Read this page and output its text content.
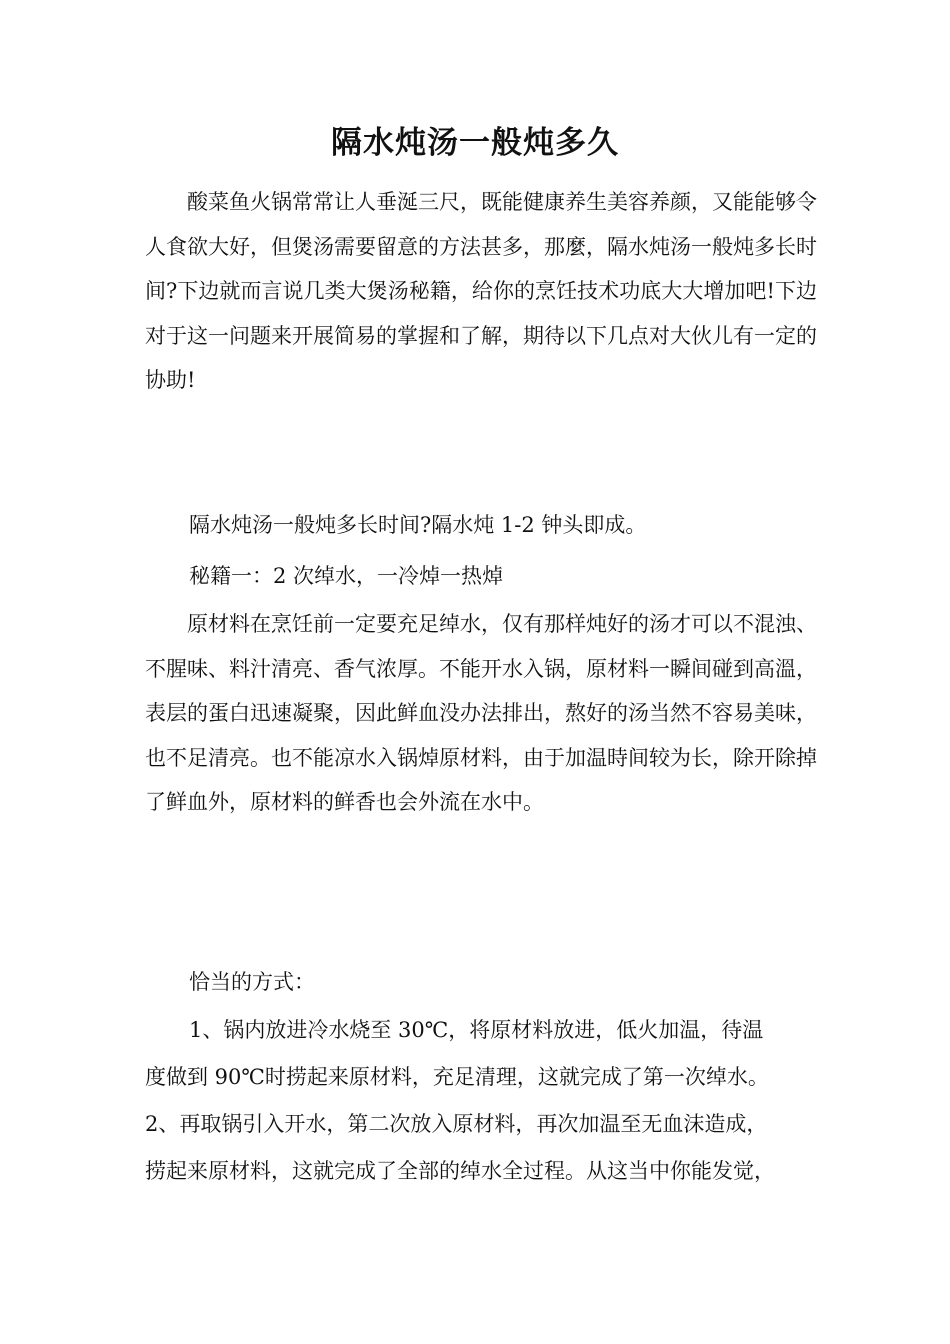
隔水炖汤一般炖多久

酸菜鱼火锅常常让人垂涎三尺，既能健康养生美容养颜，又能能够令人食欲大好，但煲汤需要留意的方法甚多，那麼，隔水炖汤一般炖多长时间?下边就而言说几类大煲汤秘籍，给你的烹饪技术功底大大增加吧!下边对于这一问题来开展简易的掌握和了解，期待以下几点对大伙儿有一定的协助!

隔水炖汤一般炖多长时间?隔水炖 1-2 钟头即成。

秘籍一：2 次绰水，一冷焯一热焯

原材料在烹饪前一定要充足绰水，仅有那样炖好的汤才可以不混浊、不腥味、料汁清亮、香气浓厚。不能开水入锅，原材料一瞬间碰到高溫，表层的蛋白迅速凝聚，因此鲜血没办法排出，熬好的汤当然不容易美味，也不足清亮。也不能凉水入锅焯原材料，由于加温時间较为长，除开除掉了鲜血外，原材料的鲜香也会外流在水中。

恰当的方式：

1、锅内放进冷水烧至 30℃，将原材料放进，低火加温，待温

度做到 90℃时捞起来原材料，充足清理，这就完成了第一次绰水。

2、再取锅引入开水，第二次放入原材料，再次加温至无血沫造成，

捞起来原材料，这就完成了全部的绰水全过程。从这当中你能发觉，
